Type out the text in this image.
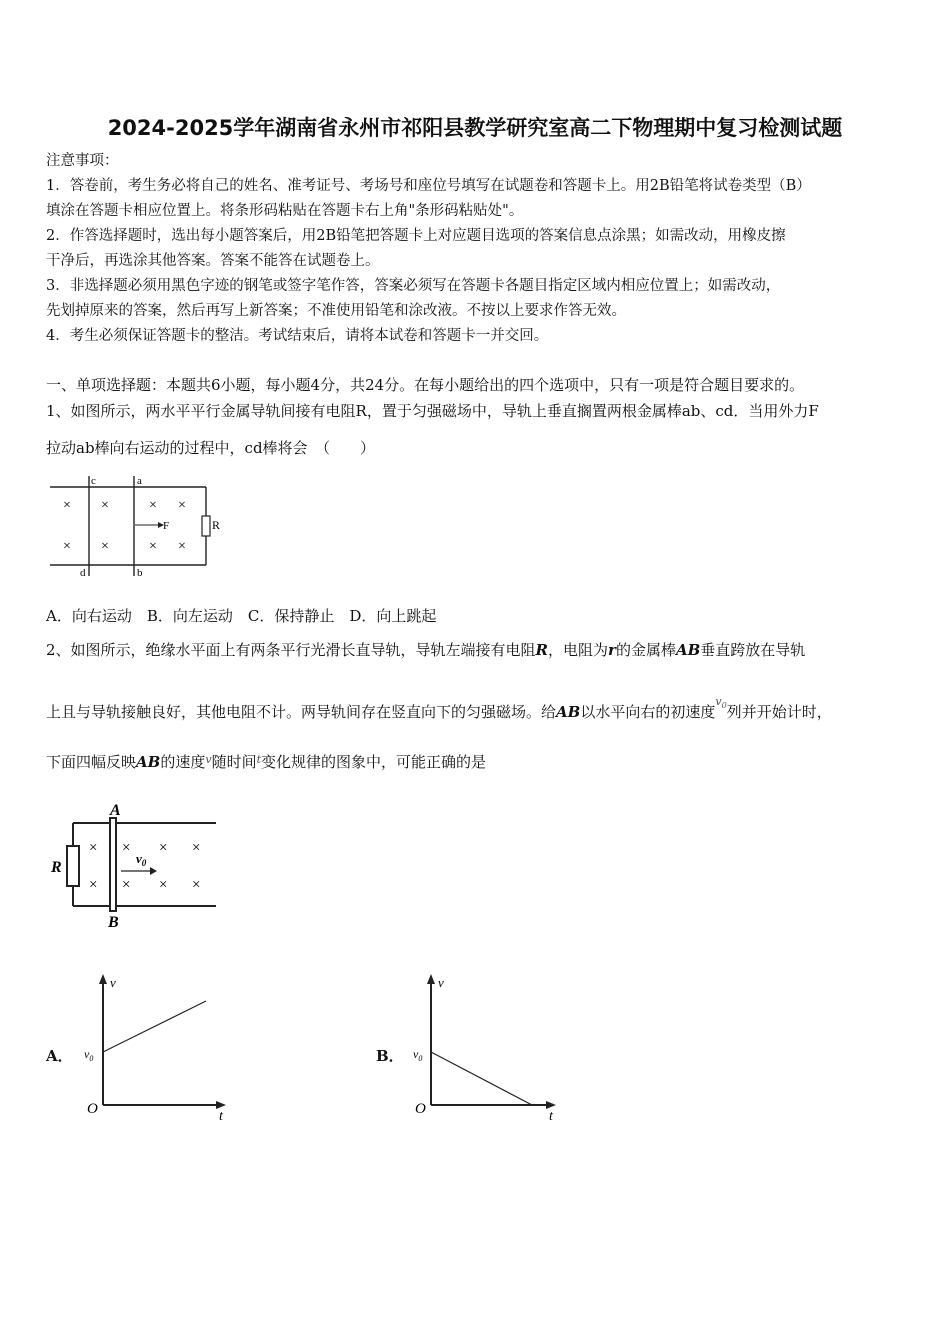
2024-2025学年湖南省永州市祁阳县教学研究室高二下物理期中复习检测试题
注意事项：
1．答卷前，考生务必将自己的姓名、准考证号、考场号和座位号填写在试题卷和答题卡上。用2B铅笔将试卷类型（B）
填涂在答题卡相应位置上。将条形码粘贴在答题卡右上角"条形码粘贴处"。
2．作答选择题时，选出每小题答案后，用2B铅笔把答题卡上对应题目选项的答案信息点涂黑；如需改动，用橡皮擦
干净后，再选涂其他答案。答案不能答在试题卷上。
3．非选择题必须用黑色字迹的钢笔或签字笔作答，答案必须写在答题卡各题目指定区域内相应位置上；如需改动，
先划掉原来的答案，然后再写上新答案；不准使用铅笔和涂改液。不按以上要求作答无效。
4．考生必须保证答题卡的整洁。考试结束后，请将本试卷和答题卡一并交回。
一、单项选择题：本题共6小题，每小题4分，共24分。在每小题给出的四个选项中，只有一项是符合题目要求的。
1、如图所示，两水平平行金属导轨间接有电阻R，置于匀强磁场中，导轨上垂直搁置两根金属棒ab、cd．当用外力F
拉动ab棒向右运动的过程中，cd棒将会　（　　）
c	a
d	b
R
F
× ×	× ×
× ×	× ×
A．向右运动　B．向左运动　C．保持静止　D．向上跳起
2、如图所示，绝缘水平面上有两条平行光滑长直导轨，导轨左端接有电阻R，电阻为r的金属棒AB垂直跨放在导轨
上且与导轨接触良好，其他电阻不计。两导轨间存在竖直向下的匀强磁场。给AB以水平向右的初速度$^{v_0}$列并开始计时，
下面四幅反映AB的速度$^v$随时间$^t$变化规律的图象中，可能正确的是
A
B
R
$v_0$
× × × ×
× × × ×
A．
v
t
O
$v_0$	B．
v
t
O
$v_0$
